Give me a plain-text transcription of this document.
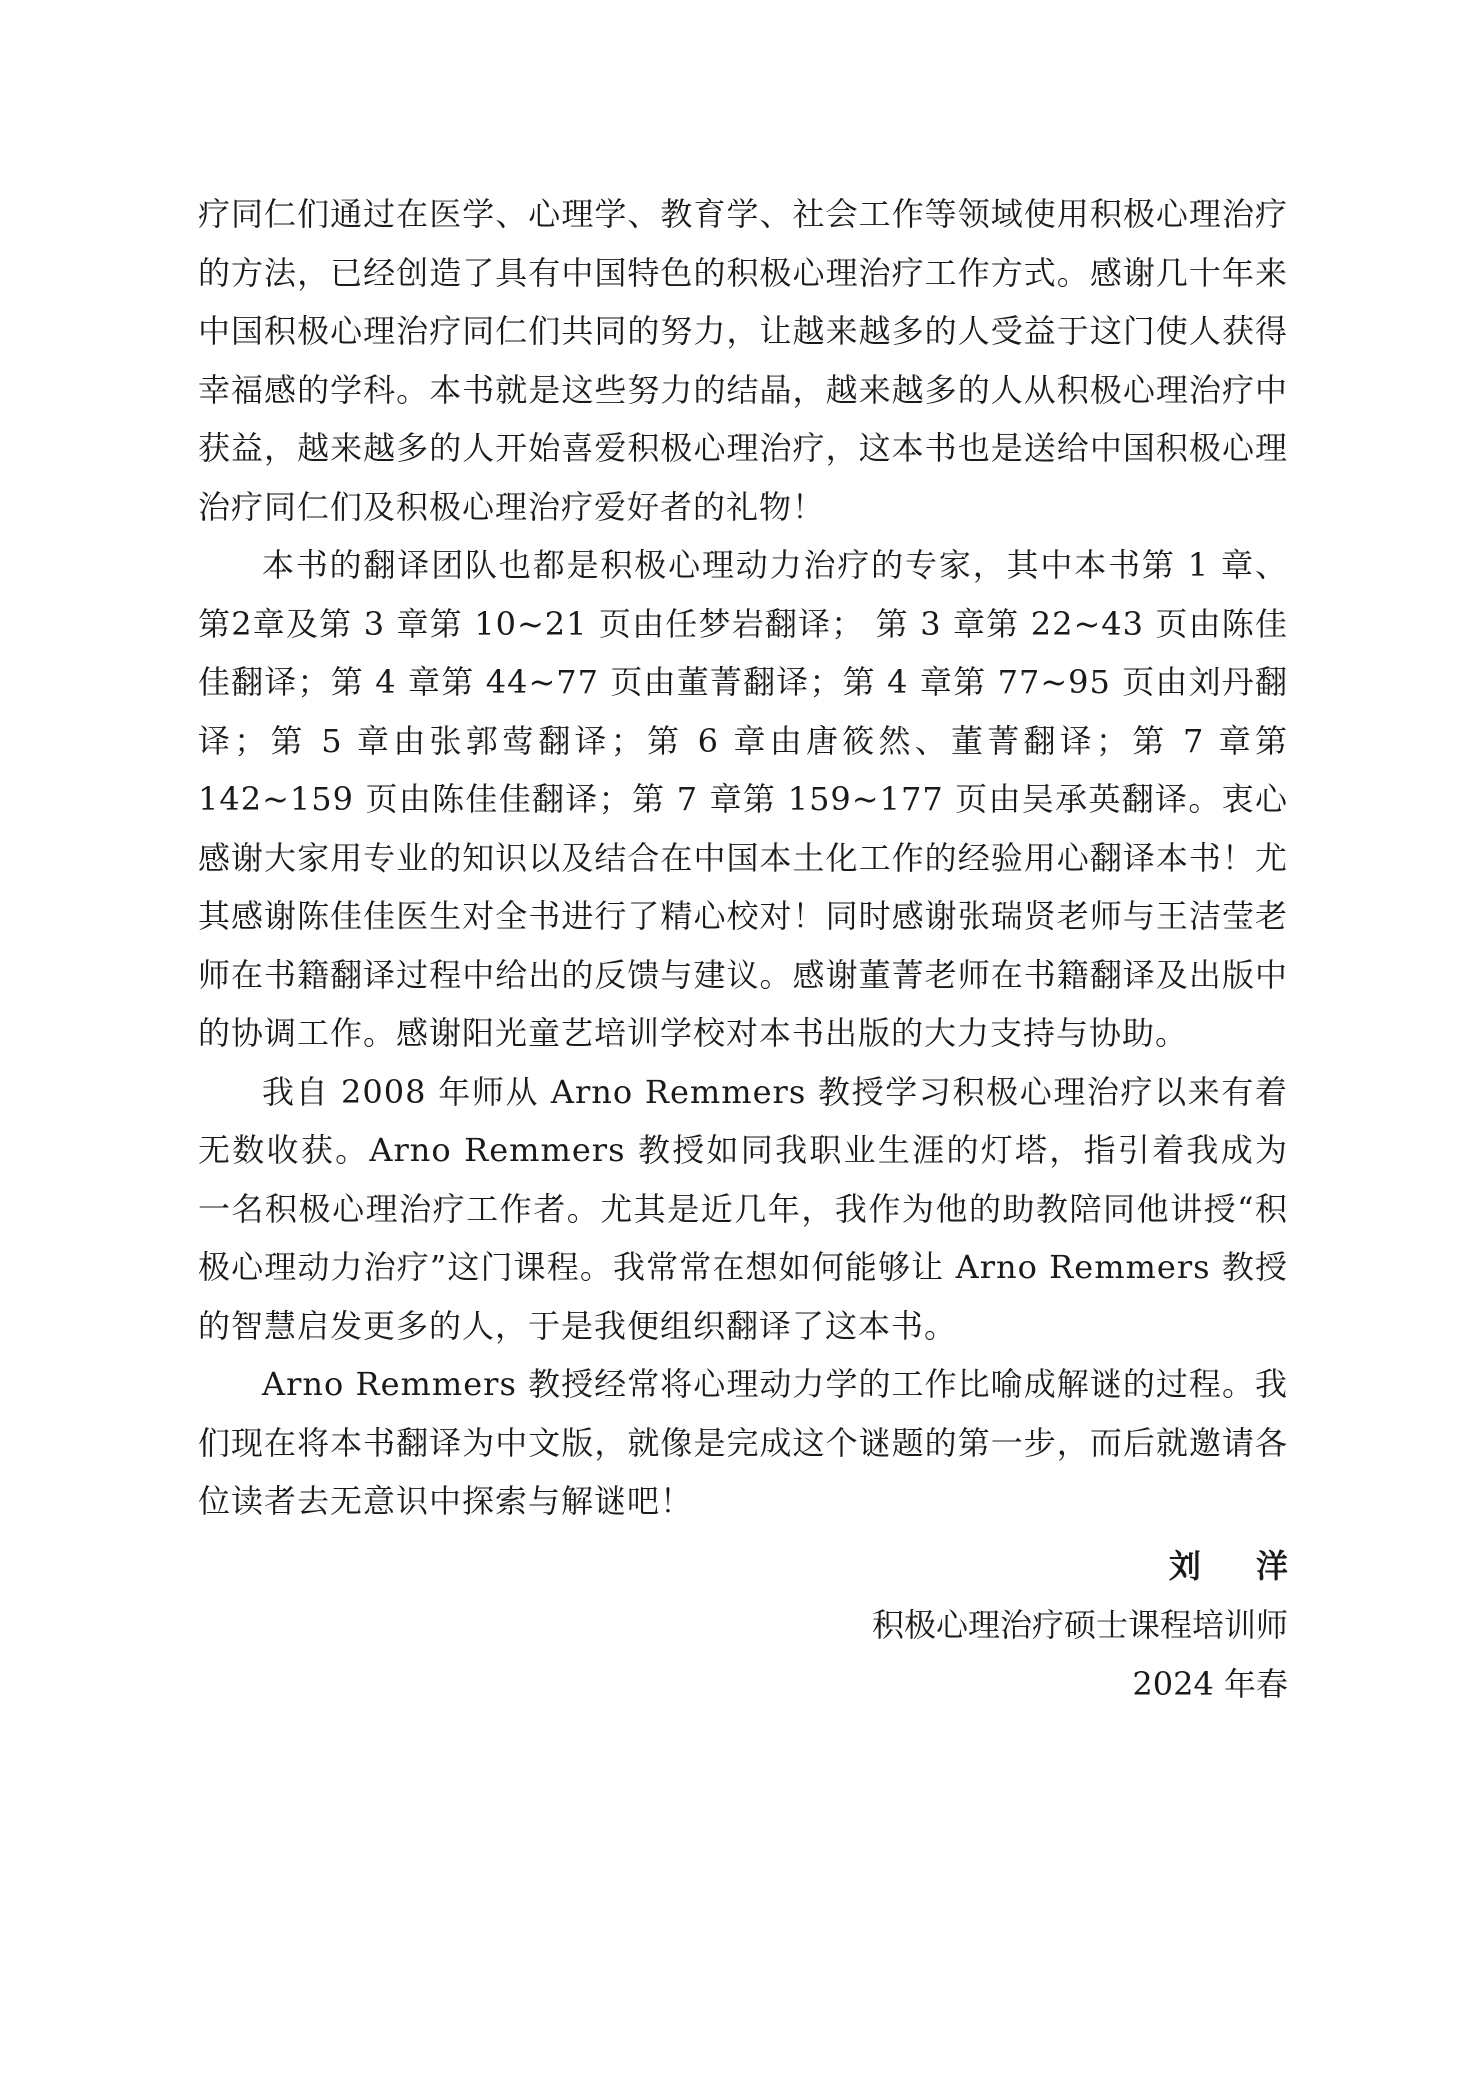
疗同仁们通过在医学、心理学、教育学、社会工作等领域使用积极心理治疗的方法，已经创造了具有中国特色的积极心理治疗工作方式。感谢几十年来中国积极心理治疗同仁们共同的努力，让越来越多的人受益于这门使人获得幸福感的学科。本书就是这些努力的结晶，越来越多的人从积极心理治疗中获益，越来越多的人开始喜爱积极心理治疗，这本书也是送给中国积极心理治疗同仁们及积极心理治疗爱好者的礼物！

本书的翻译团队也都是积极心理动力治疗的专家，其中本书第 1 章、第2章及第 3 章第 10~21 页由任梦岩翻译； 第 3 章第 22~43 页由陈佳佳翻译；第 4 章第 44~77 页由董菁翻译；第 4 章第 77~95 页由刘丹翻译；第 5 章由张郭莺翻译；第 6 章由唐筱然、董菁翻译；第 7 章第 142~159 页由陈佳佳翻译；第 7 章第 159~177 页由吴承英翻译。衷心感谢大家用专业的知识以及结合在中国本土化工作的经验用心翻译本书！尤其感谢陈佳佳医生对全书进行了精心校对！同时感谢张瑞贤老师与王洁莹老师在书籍翻译过程中给出的反馈与建议。感谢董菁老师在书籍翻译及出版中的协调工作。感谢阳光童艺培训学校对本书出版的大力支持与协助。

我自 2008 年师从 Arno Remmers 教授学习积极心理治疗以来有着无数收获。Arno Remmers 教授如同我职业生涯的灯塔，指引着我成为一名积极心理治疗工作者。尤其是近几年，我作为他的助教陪同他讲授“积极心理动力治疗”这门课程。我常常在想如何能够让 Arno Remmers 教授的智慧启发更多的人，于是我便组织翻译了这本书。

Arno Remmers 教授经常将心理动力学的工作比喻成解谜的过程。我们现在将本书翻译为中文版，就像是完成这个谜题的第一步，而后就邀请各位读者去无意识中探索与解谜吧！

刘 洋
积极心理治疗硕士课程培训师
2024 年春
